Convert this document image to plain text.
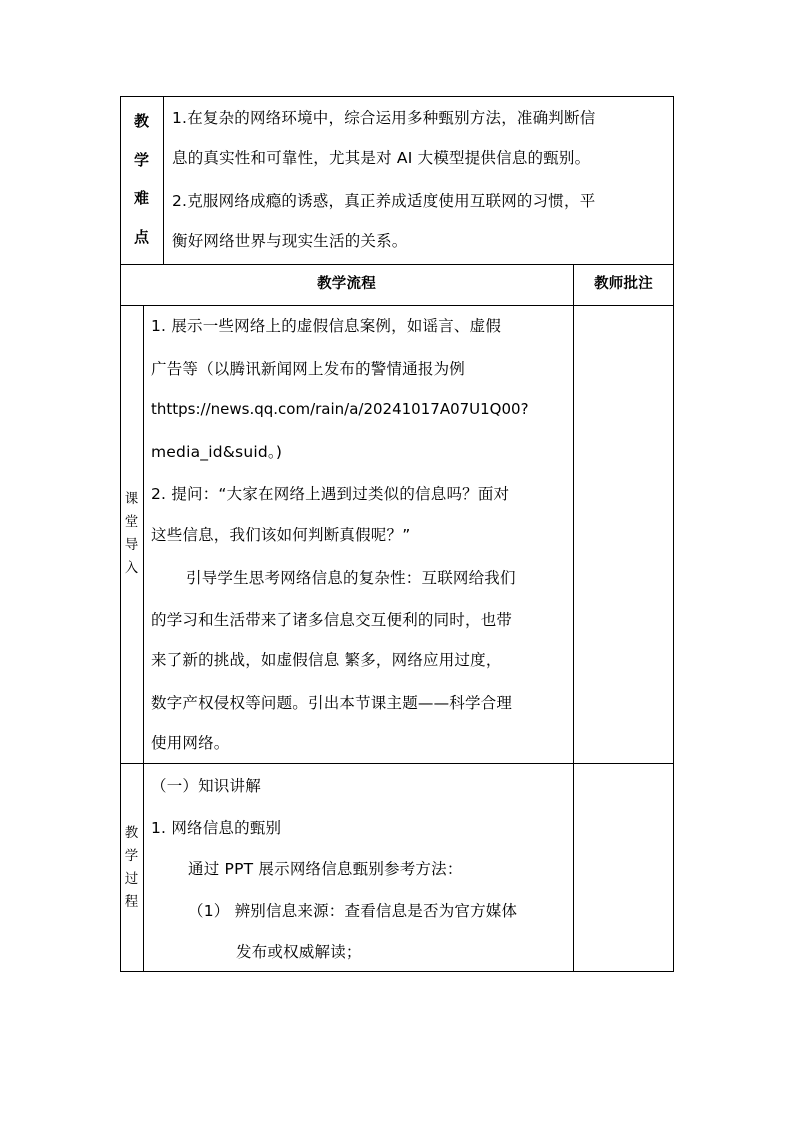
教
学
难
点
1.在复杂的网络环境中，综合运用多种甄别方法，准确判断信
息的真实性和可靠性，尤其是对 AI 大模型提供信息的甄别。
2.克服网络成瘾的诱惑，真正养成适度使用互联网的习惯，平
衡好网络世界与现实生活的关系。
教学流程	教师批注
课
堂
导
入
1. 展示一些网络上的虚假信息案例，如谣言、虚假
广告等（以腾讯新闻网上发布的警情通报为例
thttps://news.qq.com/rain/a/20241017A07U1Q00?
media_id&suid。)
2. 提问：“大家在网络上遇到过类似的信息吗？面对
这些信息，我们该如何判断真假呢？”
引导学生思考网络信息的复杂性：互联网给我们
的学习和生活带来了诸多信息交互便利的同时，也带
来了新的挑战，如虚假信息 繁多，网络应用过度，
数字产权侵权等问题。引出本节课主题——科学合理
使用网络。
教
学
过
程
（一）知识讲解
1. 网络信息的甄别
通过 PPT 展示网络信息甄别参考方法：
（1） 辨别信息来源：查看信息是否为官方媒体
发布或权威解读；
